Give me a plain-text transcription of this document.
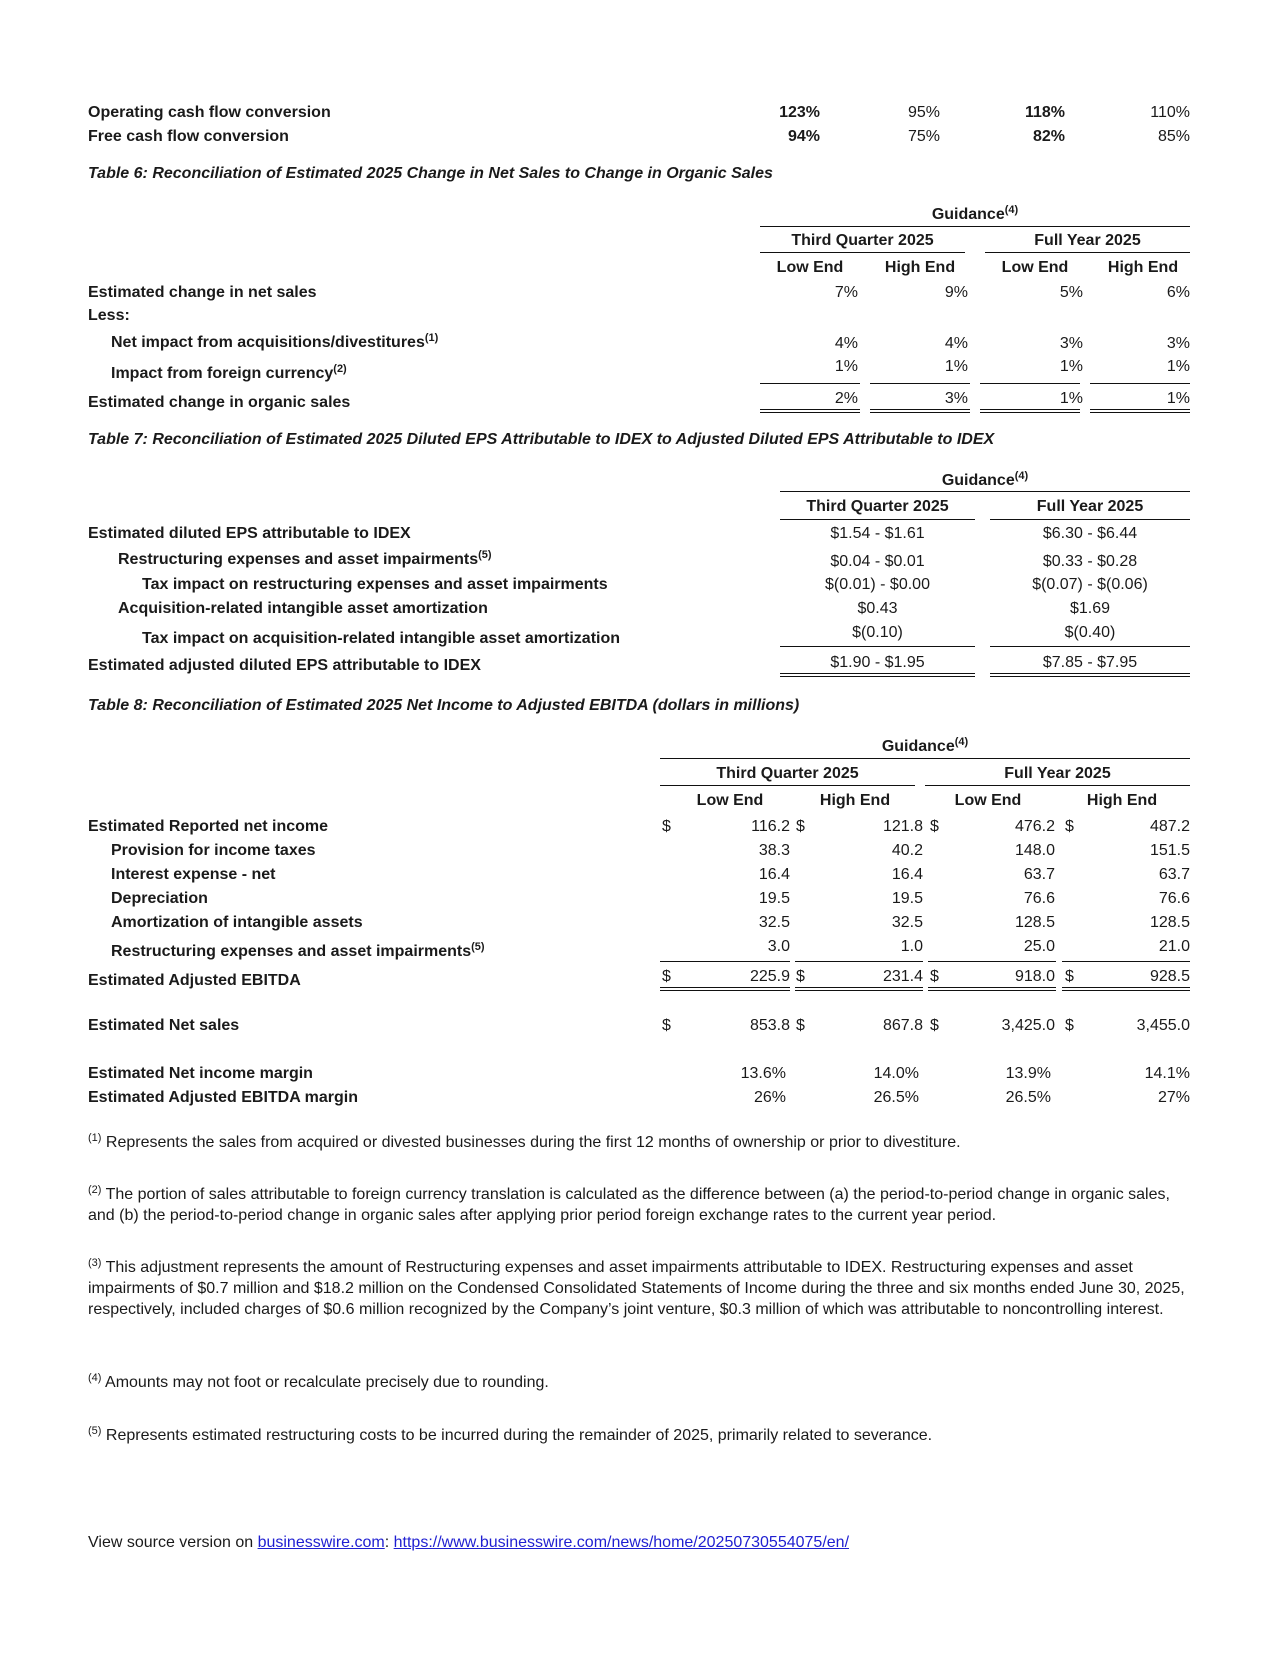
Operating cash flow conversion	123%	95%	118%	110%
Free cash flow conversion	94%	75%	82%	85%
Table 6: Reconciliation of Estimated 2025 Change in Net Sales to Change in Organic Sales
Guidance$^{(4)}$
Third Quarter 2025	Full Year 2025
Low End	High End	Low End	High End
Estimated change in net sales	7%	9%	5%	6%
Less:
Net impact from acquisitions/divestitures$^{(1)}$	4%	4%	3%	3%
Impact from foreign currency$^{(2)}$	1%	1%	1%	1%
Estimated change in organic sales	2%	3%	1%	1%
Table 7: Reconciliation of Estimated 2025 Diluted EPS Attributable to IDEX to Adjusted Diluted EPS Attributable to IDEX
Guidance$^{(4)}$
Third Quarter 2025	Full Year 2025
Estimated diluted EPS attributable to IDEX	$1.54 - $1.61	$6.30 - $6.44
Restructuring expenses and asset impairments$^{(5)}$	$0.04 - $0.01	$0.33 - $0.28
Tax impact on restructuring expenses and asset impairments	$(0.01) - $0.00	$(0.07) - $(0.06)
Acquisition-related intangible asset amortization	$0.43	$1.69
Tax impact on acquisition-related intangible asset amortization	$(0.10)	$(0.40)
Estimated adjusted diluted EPS attributable to IDEX	$1.90 - $1.95	$7.85 - $7.95
Table 8: Reconciliation of Estimated 2025 Net Income to Adjusted EBITDA (dollars in millions)
Guidance$^{(4)}$
Third Quarter 2025	Full Year 2025
Low End	High End	Low End	High End
Estimated Reported net income	$	116.2 $	121.8 $	476.2 $	487.2
Provision for income taxes	38.3	40.2	148.0	151.5
Interest expense - net	16.4	16.4	63.7	63.7
Depreciation	19.5	19.5	76.6	76.6
Amortization of intangible assets	32.5	32.5	128.5	128.5
Restructuring expenses and asset impairments$^{(5)}$	3.0	1.0	25.0	21.0
Estimated Adjusted EBITDA	$	225.9 $	231.4 $	918.0 $	928.5
Estimated Net sales	$	853.8 $	867.8 $	3,425.0 $	3,455.0
Estimated Net income margin	13.6%	14.0%	13.9%	14.1%
Estimated Adjusted EBITDA margin	26%	26.5%	26.5%	27%
$^{(1)}$ Represents the sales from acquired or divested businesses during the first 12 months of ownership or prior to divestiture.
$^{(2)}$ The portion of sales attributable to foreign currency translation is calculated as the difference between (a) the period-to-period change in organic sales, and (b) the period-to-period change in organic sales after applying prior period foreign exchange rates to the current year period.
$^{(3)}$ This adjustment represents the amount of Restructuring expenses and asset impairments attributable to IDEX. Restructuring expenses and asset impairments of $0.7 million and $18.2 million on the Condensed Consolidated Statements of Income during the three and six months ended June 30, 2025, respectively, included charges of $0.6 million recognized by the Company’s joint venture, $0.3 million of which was attributable to noncontrolling interest.
$^{(4)}$ Amounts may not foot or recalculate precisely due to rounding.
$^{(5)}$ Represents estimated restructuring costs to be incurred during the remainder of 2025, primarily related to severance.
View source version on businesswire.com: https://www.businesswire.com/news/home/20250730554075/en/
